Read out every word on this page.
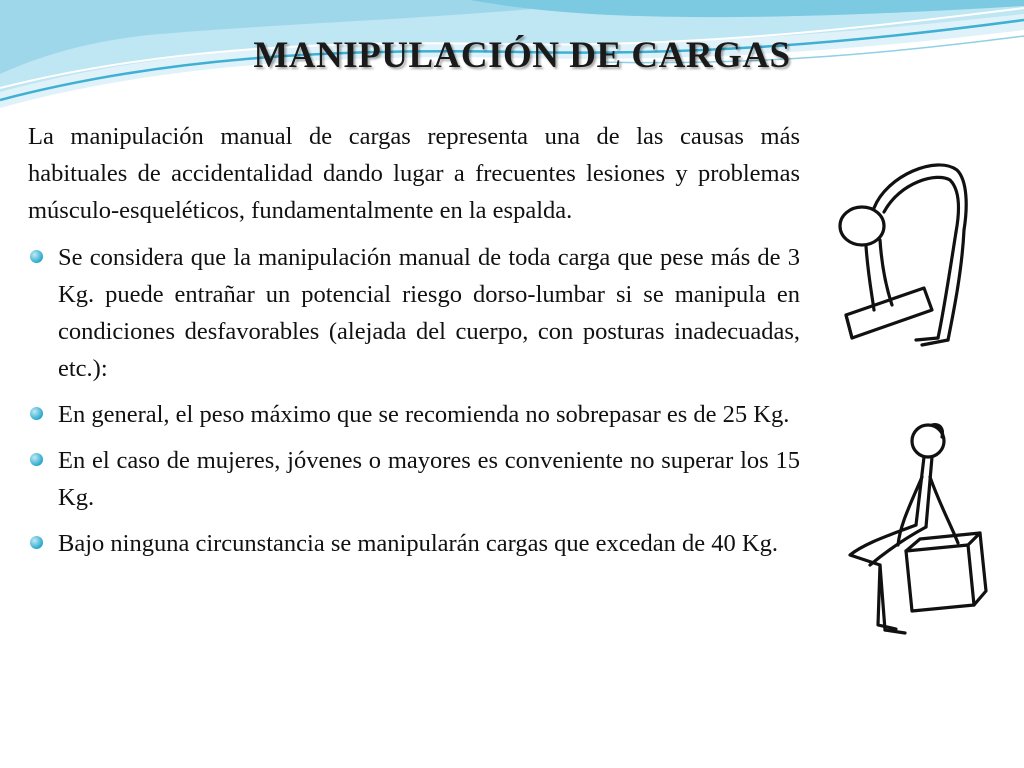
MANIPULACIÓN DE CARGAS

La manipulación manual de cargas representa una de las causas más habituales de accidentalidad dando lugar a frecuentes lesiones y problemas músculo-esqueléticos, fundamentalmente en la espalda.

Se considera que la manipulación manual de toda carga que pese más de 3 Kg. puede entrañar un potencial riesgo dorso-lumbar si se manipula en condiciones desfavorables (alejada del cuerpo, con posturas inadecuadas, etc.):
En general, el peso máximo que se recomienda no sobrepasar es de 25 Kg.
En el caso de mujeres, jóvenes o mayores es conveniente no superar los 15 Kg.
Bajo ninguna circunstancia se manipularán cargas que excedan de 40 Kg.
